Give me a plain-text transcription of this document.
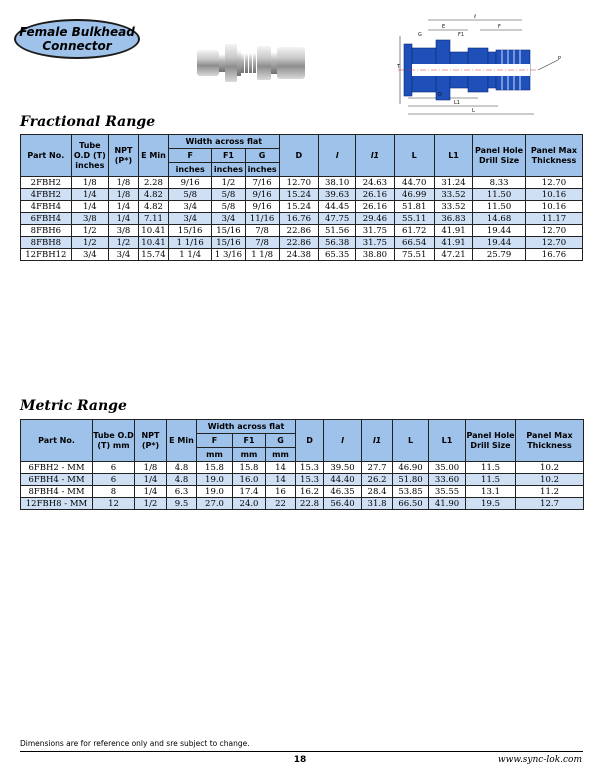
Female Bulkhead
Connector
ℓ
F
F1
G
E
T
D
L1
L
P
Fractional Range
Part No.	Tube O.D (T) inches	NPT (P*)	E Min	Width across flat			D	l	l1	L	L1	Panel Hole Drill Size	Panel Max Thickness
				F	F1	G							
				inches	inches	inches							
2FBH2	1/8	1/8	2.28	9/16	1/2	7/16	12.70	38.10	24.63	44.70	31.24	8.33	12.70
4FBH2	1/4	1/8	4.82	5/8	5/8	9/16	15.24	39.63	26.16	46.99	33.52	11.50	10.16
4FBH4	1/4	1/4	4.82	3/4	5/8	9/16	15.24	44.45	26.16	51.81	33.52	11.50	10.16
6FBH4	3/8	1/4	7.11	3/4	3/4	11/16	16.76	47.75	29.46	55.11	36.83	14.68	11.17
8FBH6	1/2	3/8	10.41	15/16	15/16	7/8	22.86	51.56	31.75	61.72	41.91	19.44	12.70
8FBH8	1/2	1/2	10.41	1 1/16	15/16	7/8	22.86	56.38	31.75	66.54	41.91	19.44	12.70
12FBH12	3/4	3/4	15.74	1 1/4	1 3/16	1 1/8	24.38	65.35	38.80	75.51	47.21	25.79	16.76
Metric Range
Part No.	Tube O.D (T) mm	NPT (P*)	E Min	Width across flat			D	l	l1	L	L1	Panel Hole Drill Size	Panel Max Thickness
				F	F1	G							
				mm	mm	mm							
6FBH2 - MM	6	1/8	4.8	15.8	15.8	14	15.3	39.50	27.7	46.90	35.00	11.5	10.2
6FBH4 - MM	6	1/4	4.8	19.0	16.0	14	15.3	44.40	26.2	51.80	33.60	11.5	10.2
8FBH4 - MM	8	1/4	6.3	19.0	17.4	16	16.2	46.35	28.4	53.85	35.55	13.1	11.2
12FBH8 - MM	12	1/2	9.5	27.0	24.0	22	22.8	56.40	31.8	66.50	41.90	19.5	12.7
Dimensions are for reference only and sre subject to change.
18	www.sync-lok.com
